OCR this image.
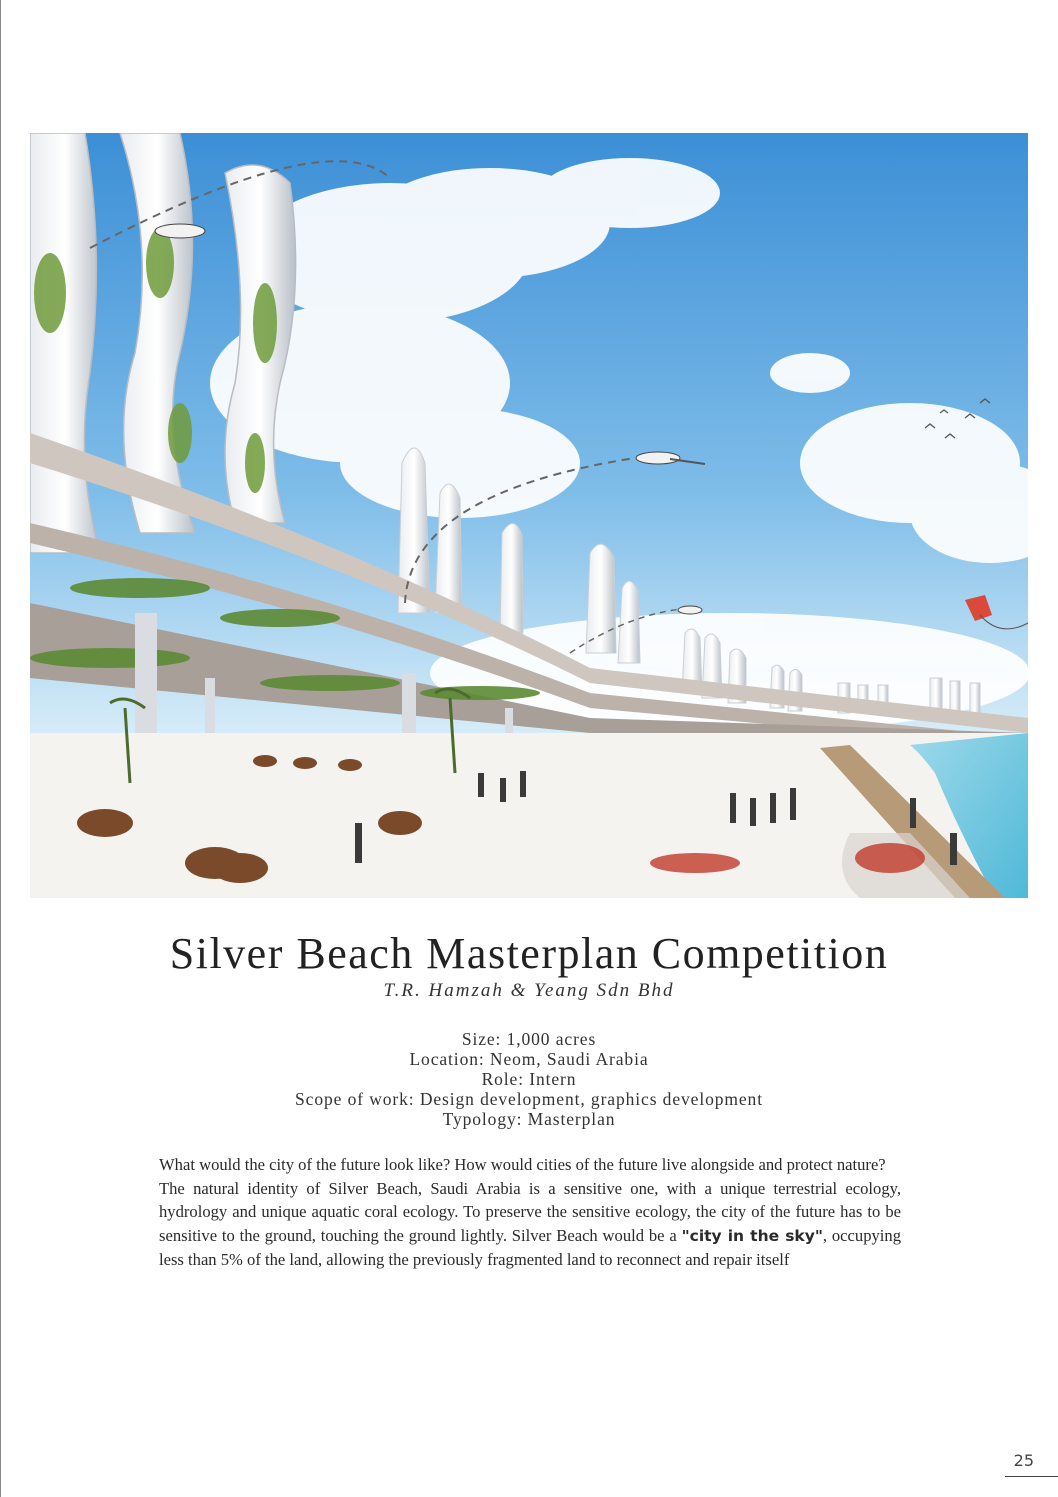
Silver Beach Masterplan Competition
T.R. Hamzah & Yeang Sdn Bhd
Size: 1,000 acres
Location: Neom, Saudi Arabia
Role: Intern
Scope of work: Design development, graphics development
Typology: Masterplan

What would the city of the future look like? How would cities of the future live alongside and protect nature?

The natural identity of Silver Beach, Saudi Arabia is a sensitive one, with a unique terrestrial ecology, hydrology and unique aquatic coral ecology. To preserve the sensitive ecology, the city of the future has to be sensitive to the ground, touching the ground lightly. Silver Beach would be a "city in the sky", occupying less than 5% of the land, allowing the previously fragmented land to reconnect and repair itself

25
